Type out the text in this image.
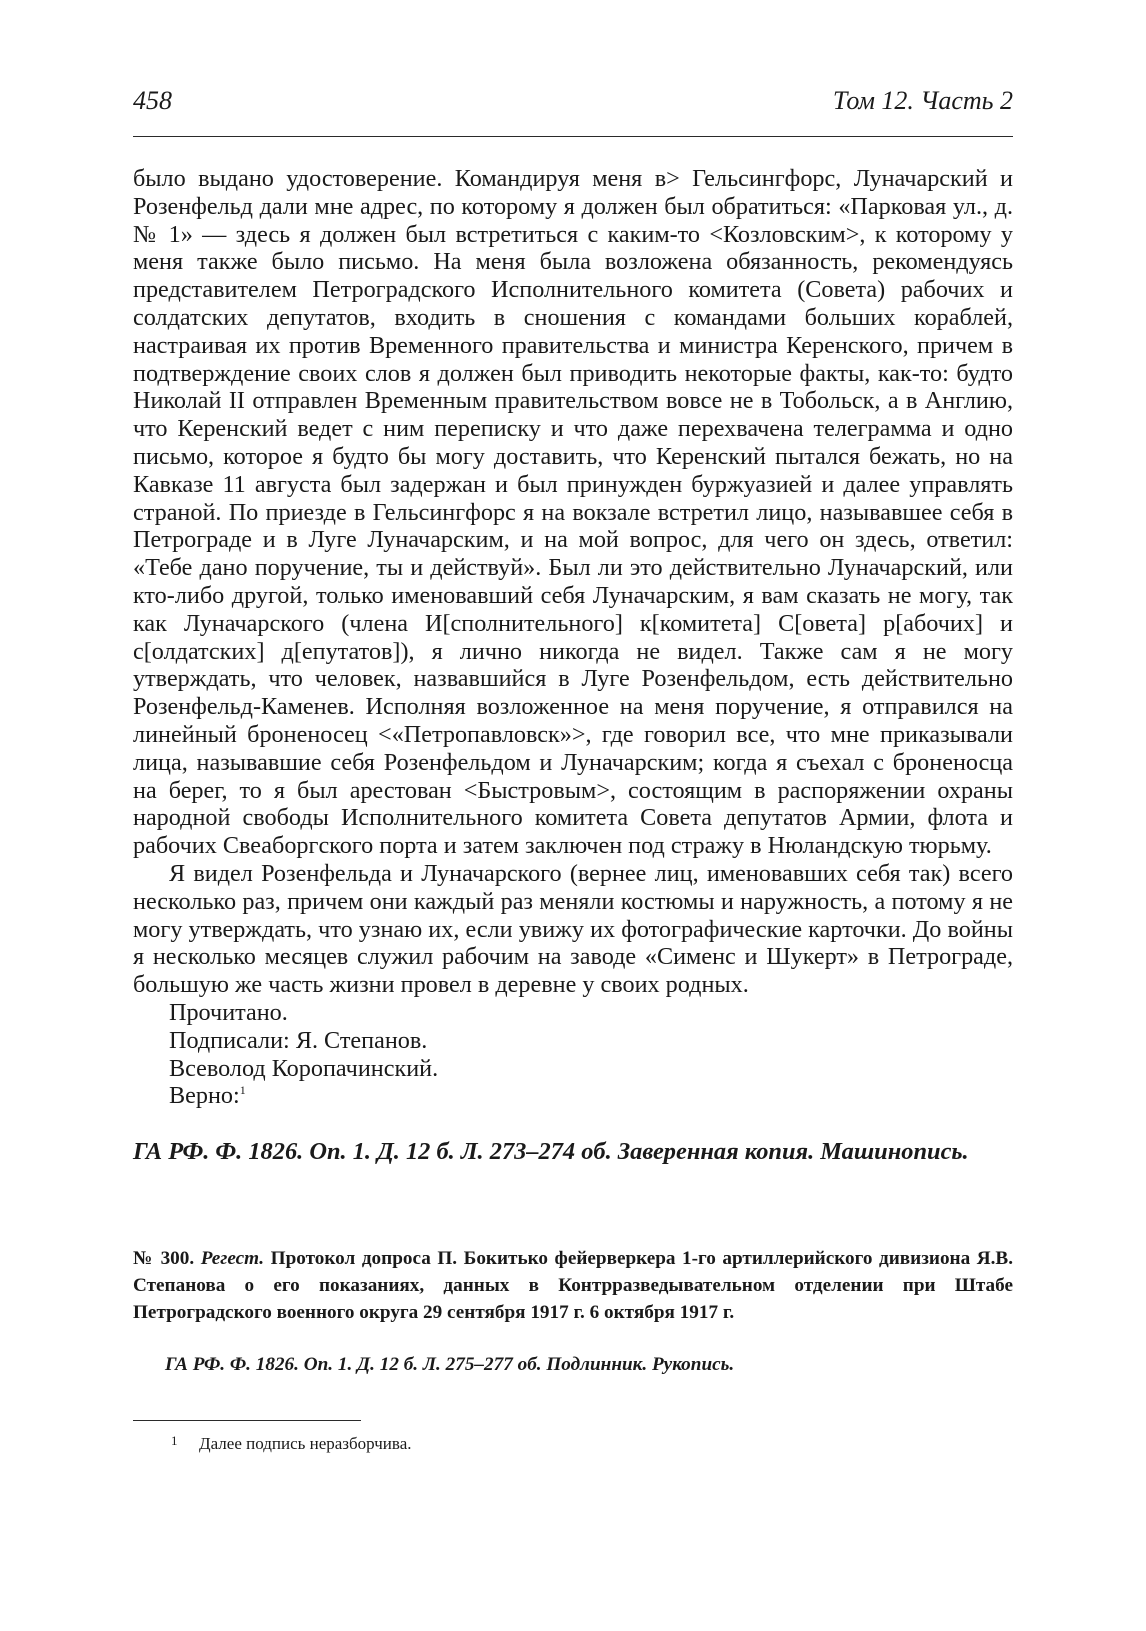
458	Том 12. Часть 2

было выдано удостоверение. Командируя меня в> Гельсингфорс, Луначарский и Розенфельд дали мне адрес, по которому я должен был обратиться: «Парковая ул., д. № 1» — здесь я должен был встретиться с каким-то <Козловским>, к которому у меня также было письмо. На меня была возложена обязанность, рекомендуясь представителем Петроградского Исполнительного комитета (Совета) рабочих и солдатских депутатов, входить в сношения с командами больших кораблей, настраивая их против Временного правительства и министра Керенского, причем в подтверждение своих слов я должен был приводить некоторые факты, как-то: будто Николай II отправлен Временным правительством вовсе не в Тобольск, а в Англию, что Керенский ведет с ним переписку и что даже перехвачена телеграмма и одно письмо, которое я будто бы могу доставить, что Керенский пытался бежать, но на Кавказе 11 августа был задержан и был принужден буржуазией и далее управлять страной. По приезде в Гельсингфорс я на вокзале встретил лицо, называвшее себя в Петрограде и в Луге Луначарским, и на мой вопрос, для чего он здесь, ответил: «Тебе дано поручение, ты и действуй». Был ли это действительно Луначарский, или кто-либо другой, только именовавший себя Луначарским, я вам сказать не могу, так как Луначарского (члена И[сполнительного] к[комитета] С[овета] р[абочих] и с[олдатских] д[епутатов]), я лично никогда не видел. Также сам я не могу утверждать, что человек, назвавшийся в Луге Розенфельдом, есть действительно Розенфельд-Каменев. Исполняя возложенное на меня поручение, я отправился на линейный броненосец <«Петропавловск»>, где говорил все, что мне приказывали лица, называвшие себя Розенфельдом и Луначарским; когда я съехал с броненосца на берег, то я был арестован <Быстровым>, состоящим в распоряжении охраны народной свободы Исполнительного комитета Совета депутатов Армии, флота и рабочих Свеаборгского порта и затем заключен под стражу в Нюландскую тюрьму.

Я видел Розенфельда и Луначарского (вернее лиц, именовавших себя так) всего несколько раз, причем они каждый раз меняли костюмы и наружность, а потому я не могу утверждать, что узнаю их, если увижу их фотографические карточки. До войны я несколько месяцев служил рабочим на заводе «Сименс и Шукерт» в Петрограде, большую же часть жизни провел в деревне у своих родных.

Прочитано.

Подписали: Я. Степанов.

Всеволод Коропачинский.

Верно:$^1$

ГА РФ. Ф. 1826. Оп. 1. Д. 12 б. Л. 273–274 об. Заверенная копия. Машинопись.

№ 300. Регест. Протокол допроса П. Бокитько фейерверкера 1-го артиллерийского дивизиона Я.В. Степанова о его показаниях, данных в Контрразведывательном отделении при Штабе Петроградского военного округа 29 сентября 1917 г. 6 октября 1917 г.

ГА РФ. Ф. 1826. Оп. 1. Д. 12 б. Л. 275–277 об. Подлинник. Рукопись.

1 Далее подпись неразборчива.
